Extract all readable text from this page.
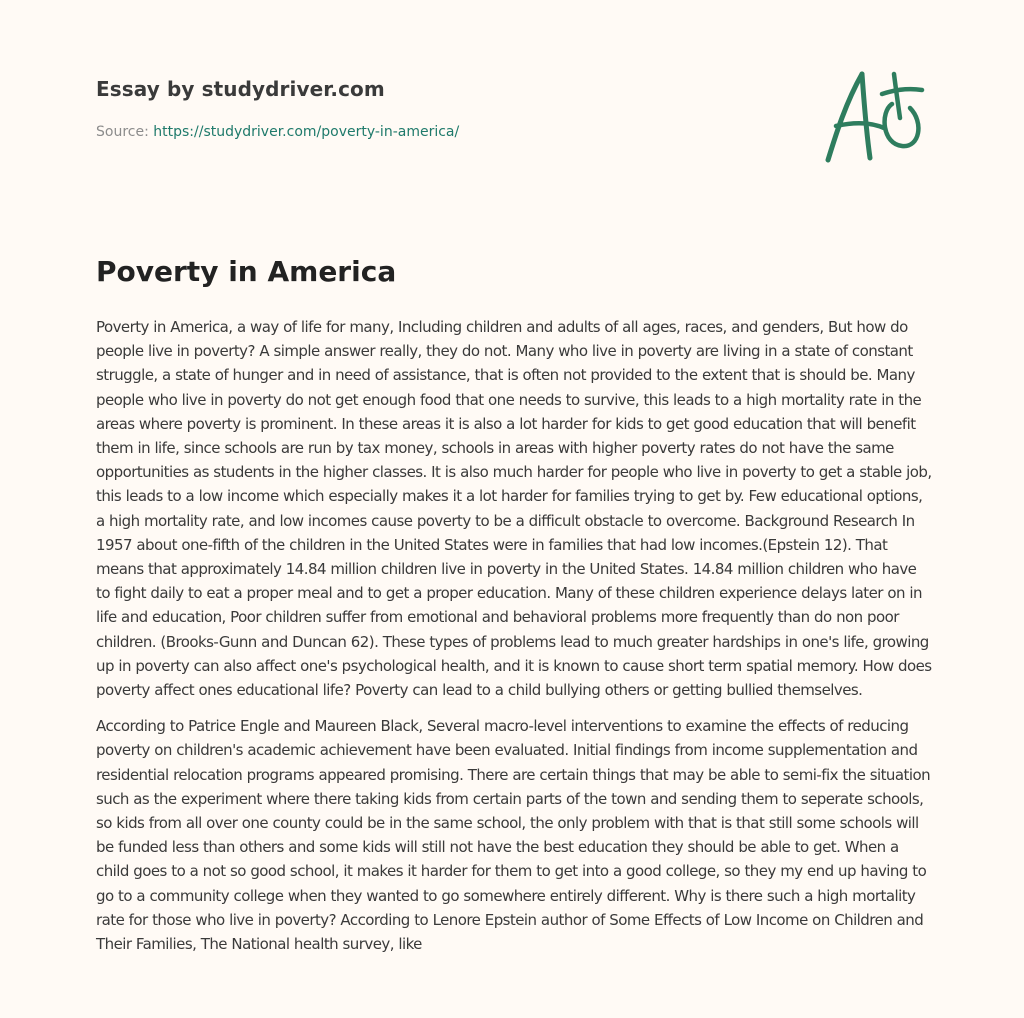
Essay by studydriver.com
Source: https://studydriver.com/poverty-in-america/
Poverty in America

Poverty in America, a way of life for many, Including children and adults of all ages, races, and genders, But how do people live in poverty? A simple answer really, they do not. Many who live in poverty are living in a state of constant struggle, a state of hunger and in need of assistance, that is often not provided to the extent that is should be. Many people who live in poverty do not get enough food that one needs to survive, this leads to a high mortality rate in the areas where poverty is prominent. In these areas it is also a lot harder for kids to get good education that will benefit them in life, since schools are run by tax money, schools in areas with higher poverty rates do not have the same opportunities as students in the higher classes. It is also much harder for people who live in poverty to get a stable job, this leads to a low income which especially makes it a lot harder for families trying to get by. Few educational options, a high mortality rate, and low incomes cause poverty to be a difficult obstacle to overcome. Background Research In 1957 about one-fifth of the children in the United States were in families that had low incomes.(Epstein 12). That means that approximately 14.84 million children live in poverty in the United States. 14.84 million children who have to fight daily to eat a proper meal and to get a proper education. Many of these children experience delays later on in life and education, Poor children suffer from emotional and behavioral problems more frequently than do non poor children. (Brooks-Gunn and Duncan 62). These types of problems lead to much greater hardships in one's life, growing up in poverty can also affect one's psychological health, and it is known to cause short term spatial memory. How does poverty affect ones educational life? Poverty can lead to a child bullying others or getting bullied themselves.

According to Patrice Engle and Maureen Black, Several macro-level interventions to examine the effects of reducing poverty on children's academic achievement have been evaluated. Initial findings from income supplementation and residential relocation programs appeared promising. There are certain things that may be able to semi-fix the situation such as the experiment where there taking kids from certain parts of the town and sending them to seperate schools, so kids from all over one county could be in the same school, the only problem with that is that still some schools will be funded less than others and some kids will still not have the best education they should be able to get. When a child goes to a not so good school, it makes it harder for them to get into a good college, so they my end up having to go to a community college when they wanted to go somewhere entirely different. Why is there such a high mortality rate for those who live in poverty? According to Lenore Epstein author of Some Effects of Low Income on Children and Their Families, The National health survey, like
